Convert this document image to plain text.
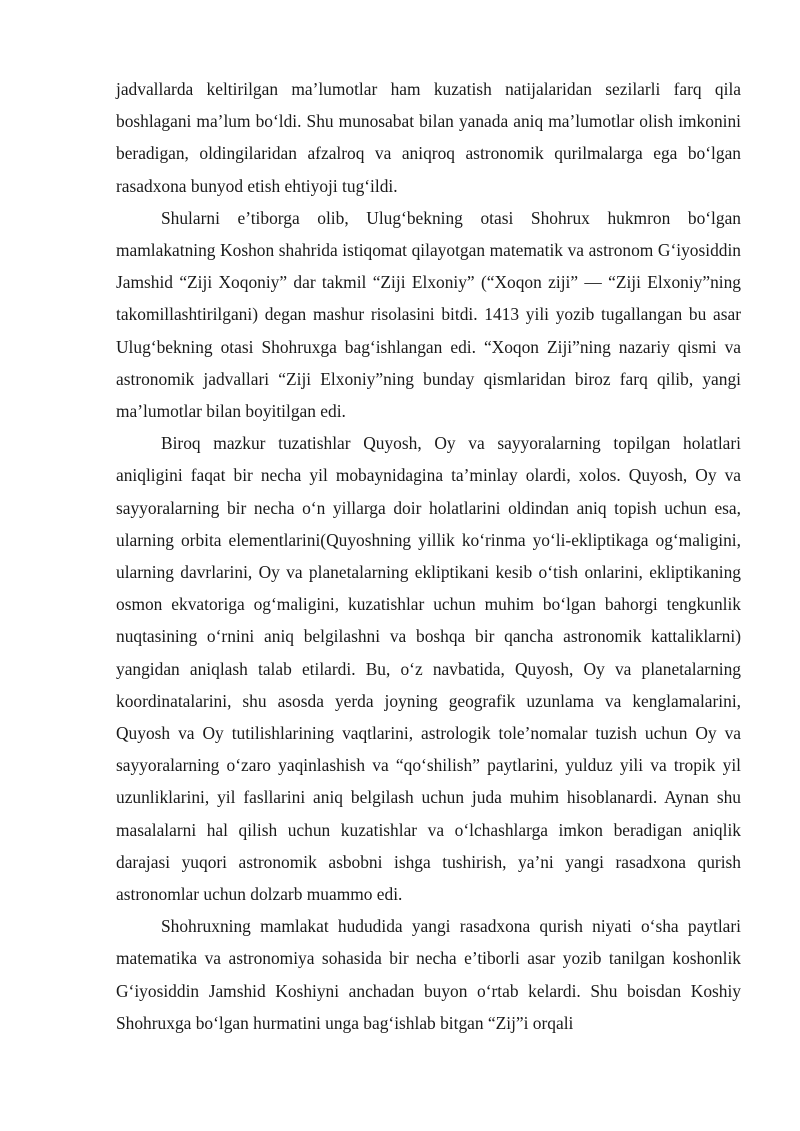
jadvallarda keltirilgan ma’lumotlar ham kuzatish natijalaridan sezilarli farq qila boshlagani ma’lum bo‘ldi. Shu munosabat bilan yanada aniq ma’lumotlar olish imkonini beradigan, oldingilaridan afzalroq va aniqroq astronomik qurilmalarga ega bo‘lgan rasadxona bunyod etish ehtiyoji tug‘ildi.

Shularni e’tiborga olib, Ulug‘bekning otasi Shohrux hukmron bo‘lgan mamlakatning Koshon shahrida istiqomat qilayotgan matematik va astronom G‘iyosiddin Jamshid “Ziji Xoqoniy” dar takmil “Ziji Elxoniy” (“Xoqon ziji” — “Ziji Elxoniy”ning takomillashtirilgani) degan mashur risolasini bitdi. 1413 yili yozib tugallangan bu asar Ulug‘bekning otasi Shohruxga bag‘ishlangan edi. “Xoqon Ziji”ning nazariy qismi va astronomik jadvallari “Ziji Elxoniy”ning bunday qismlaridan biroz farq qilib, yangi ma’lumotlar bilan boyitilgan edi.

Biroq mazkur tuzatishlar Quyosh, Oy va sayyoralarning topilgan holatlari aniqligini faqat bir necha yil mobaynidagina ta’minlay olardi, xolos. Quyosh, Oy va sayyoralarning bir necha o‘n yillarga doir holatlarini oldindan aniq topish uchun esa, ularning orbita elementlarini(Quyoshning yillik ko‘rinma yo‘li-ekliptikaga og‘maligini, ularning davrlarini, Oy va planetalarning ekliptikani kesib o‘tish onlarini, ekliptikaning osmon ekvatoriga og‘maligini, kuzatishlar uchun muhim bo‘lgan bahorgi tengkunlik nuqtasining o‘rnini aniq belgilashni va boshqa bir qancha astronomik kattaliklarni) yangidan aniqlash talab etilardi. Bu, o‘z navbatida, Quyosh, Oy va planetalarning koordinatalarini, shu asosda yerda joyning geografik uzunlama va kenglamalarini, Quyosh va Oy tutilishlarining vaqtlarini, astrologik tole’nomalar tuzish uchun Oy va sayyoralarning o‘zaro yaqinlashish va “qo‘shilish” paytlarini, yulduz yili va tropik yil uzunliklarini, yil fasllarini aniq belgilash uchun juda muhim hisoblanardi. Aynan shu masalalarni hal qilish uchun kuzatishlar va o‘lchashlarga imkon beradigan aniqlik darajasi yuqori astronomik asbobni ishga tushirish, ya’ni yangi rasadxona qurish astronomlar uchun dolzarb muammo edi.

Shohruxning mamlakat hududida yangi rasadxona qurish niyati o‘sha paytlari matematika va astronomiya sohasida bir necha e’tiborli asar yozib tanilgan koshonlik G‘iyosiddin Jamshid Koshiyni anchadan buyon o‘rtab kelardi. Shu boisdan Koshiy Shohruxga bo‘lgan hurmatini unga bag‘ishlab bitgan “Zij”i orqali
